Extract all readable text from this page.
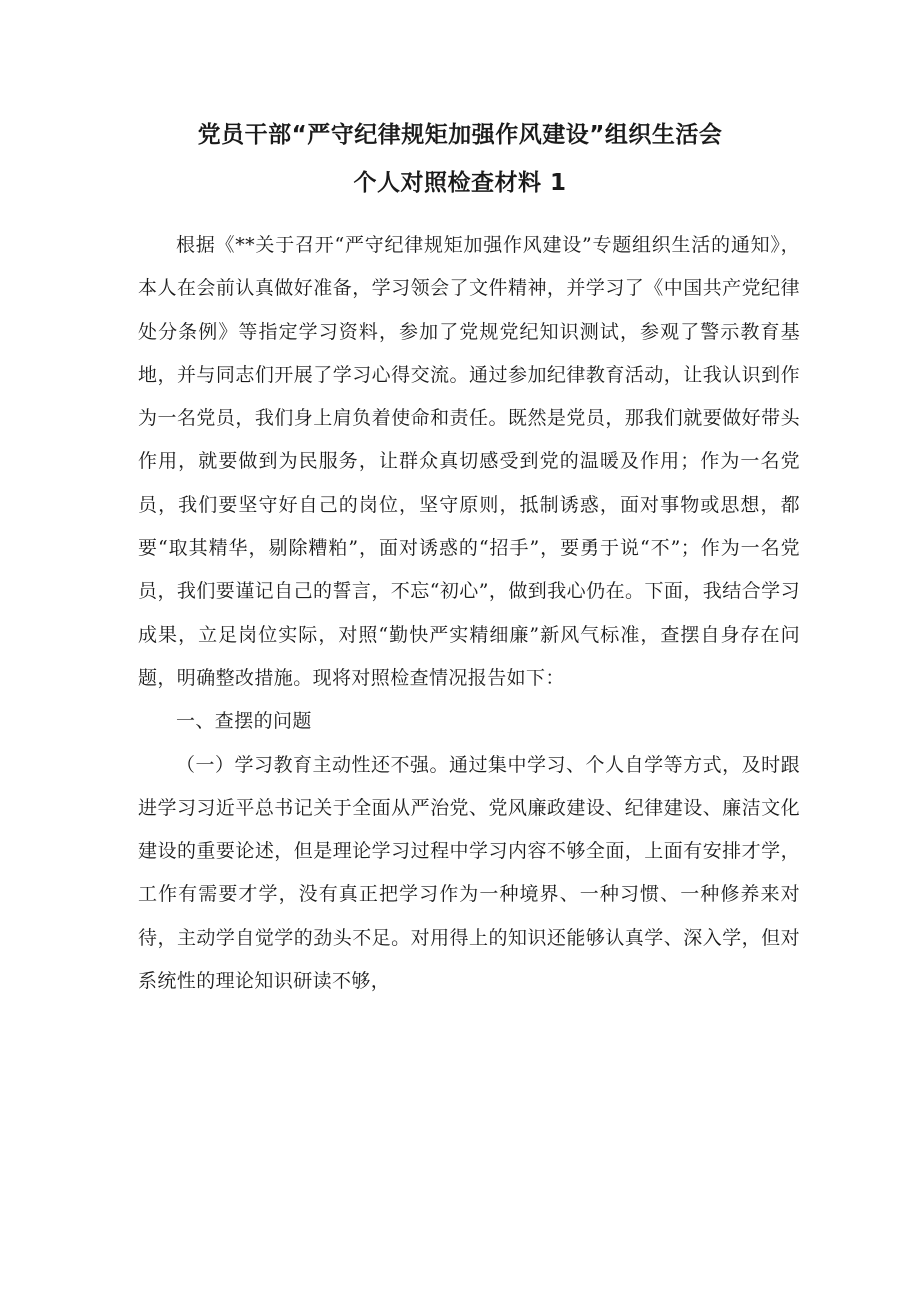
党员干部“严守纪律规矩加强作风建设”组织生活会
个人对照检查材料 1

根据《**关于召开“严守纪律规矩加强作风建设”专题组织生活的通知》，本人在会前认真做好准备，学习领会了文件精神，并学习了《中国共产党纪律处分条例》等指定学习资料，参加了党规党纪知识测试，参观了警示教育基地，并与同志们开展了学习心得交流。通过参加纪律教育活动，让我认识到作为一名党员，我们身上肩负着使命和责任。既然是党员，那我们就要做好带头作用，就要做到为民服务，让群众真切感受到党的温暖及作用；作为一名党员，我们要坚守好自己的岗位，坚守原则，抵制诱惑，面对事物或思想，都要“取其精华，剔除糟粕”，面对诱惑的“招手”，要勇于说“不”；作为一名党员，我们要谨记自己的誓言，不忘“初心”，做到我心仍在。下面，我结合学习成果，立足岗位实际，对照“勤快严实精细廉”新风气标准，查摆自身存在问题，明确整改措施。现将对照检查情况报告如下：

一、查摆的问题

（一）学习教育主动性还不强。通过集中学习、个人自学等方式，及时跟进学习习近平总书记关于全面从严治党、党风廉政建设、纪律建设、廉洁文化建设的重要论述，但是理论学习过程中学习内容不够全面，上面有安排才学，工作有需要才学，没有真正把学习作为一种境界、一种习惯、一种修养来对待，主动学自觉学的劲头不足。对用得上的知识还能够认真学、深入学，但对系统性的理论知识研读不够，
